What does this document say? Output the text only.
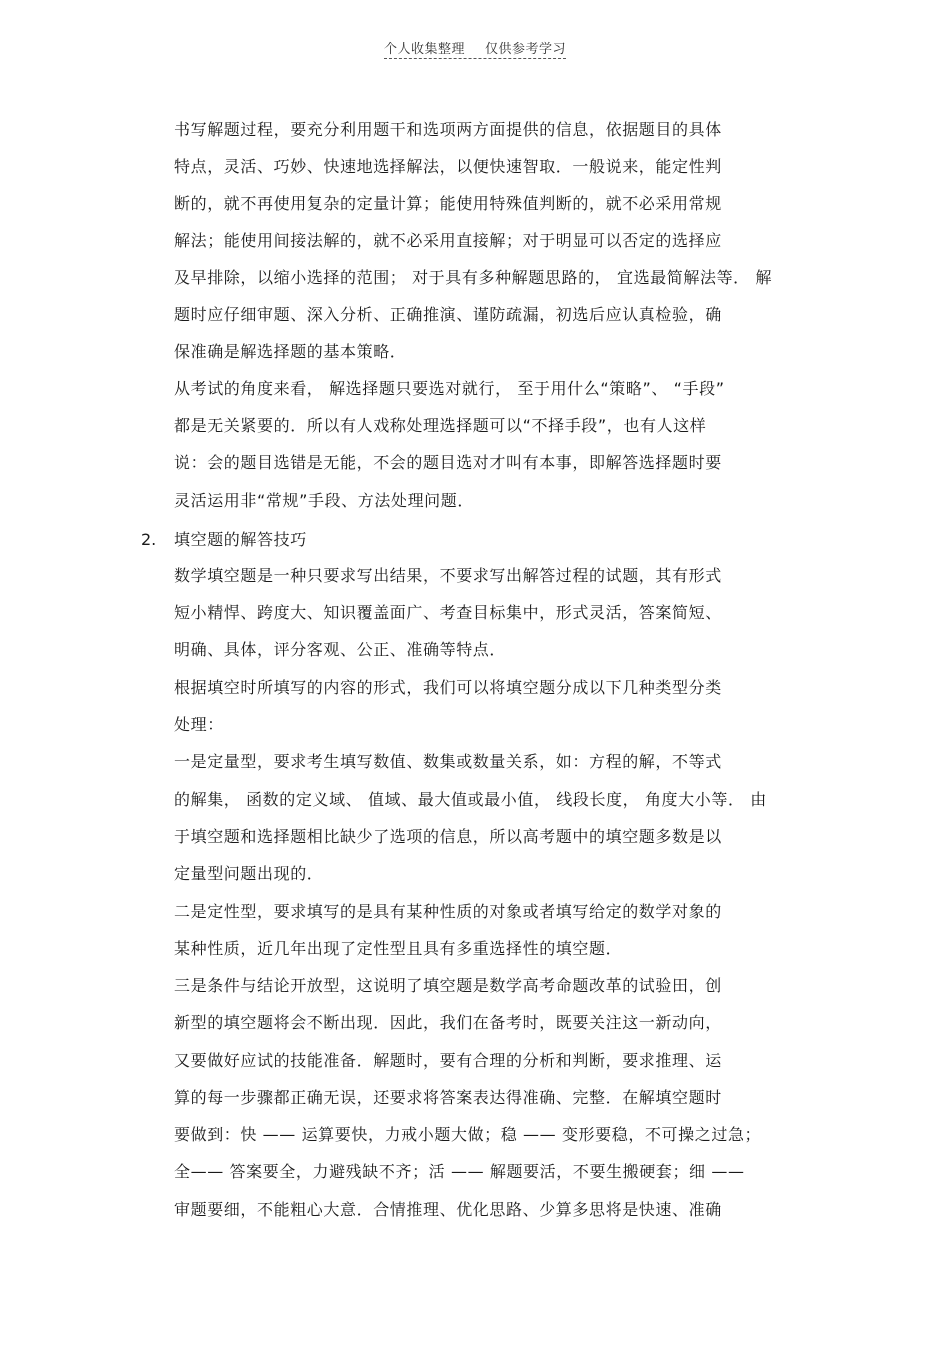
个人收集整理 仅供参考学习
书写解题过程，要充分利用题干和选项两方面提供的信息，依据题目的具体
特点，灵活、巧妙、快速地选择解法，以便快速智取．一般说来，能定性判
断的，就不再使用复杂的定量计算；能使用特殊值判断的，就不必采用常规
解法；能使用间接法解的，就不必采用直接解；对于明显可以否定的选择应
及早排除，以缩小选择的范围； 对于具有多种解题思路的， 宜选最简解法等． 解
题时应仔细审题、深入分析、正确推演、谨防疏漏，初选后应认真检验，确
保准确是解选择题的基本策略．
从考试的角度来看， 解选择题只要选对就行， 至于用什么“策略”、 “手段”
都是无关紧要的．所以有人戏称处理选择题可以“不择手段”，也有人这样
说：会的题目选错是无能，不会的题目选对才叫有本事，即解答选择题时要
灵活运用非“常规”手段、方法处理问题．
填空题的解答技巧
数学填空题是一种只要求写出结果，不要求写出解答过程的试题，其有形式
短小精悍、跨度大、知识覆盖面广、考查目标集中，形式灵活，答案简短、
明确、具体，评分客观、公正、准确等特点．
根据填空时所填写的内容的形式，我们可以将填空题分成以下几种类型分类
处理：
一是定量型，要求考生填写数值、数集或数量关系，如：方程的解，不等式
的解集， 函数的定义域、 值域、最大值或最小值， 线段长度， 角度大小等． 由
于填空题和选择题相比缺少了选项的信息，所以高考题中的填空题多数是以
定量型问题出现的．
二是定性型，要求填写的是具有某种性质的对象或者填写给定的数学对象的
某种性质，近几年出现了定性型且具有多重选择性的填空题．
三是条件与结论开放型，这说明了填空题是数学高考命题改革的试验田，创
新型的填空题将会不断出现．因此，我们在备考时，既要关注这一新动向，
又要做好应试的技能准备．解题时，要有合理的分析和判断，要求推理、运
算的每一步骤都正确无误，还要求将答案表达得准确、完整．在解填空题时
要做到：快 —— 运算要快，力戒小题大做；稳 —— 变形要稳，不可操之过急；
全—— 答案要全，力避残缺不齐；活 —— 解题要活，不要生搬硬套；细 ——
审题要细，不能粗心大意．合情推理、优化思路、少算多思将是快速、准确
2.
